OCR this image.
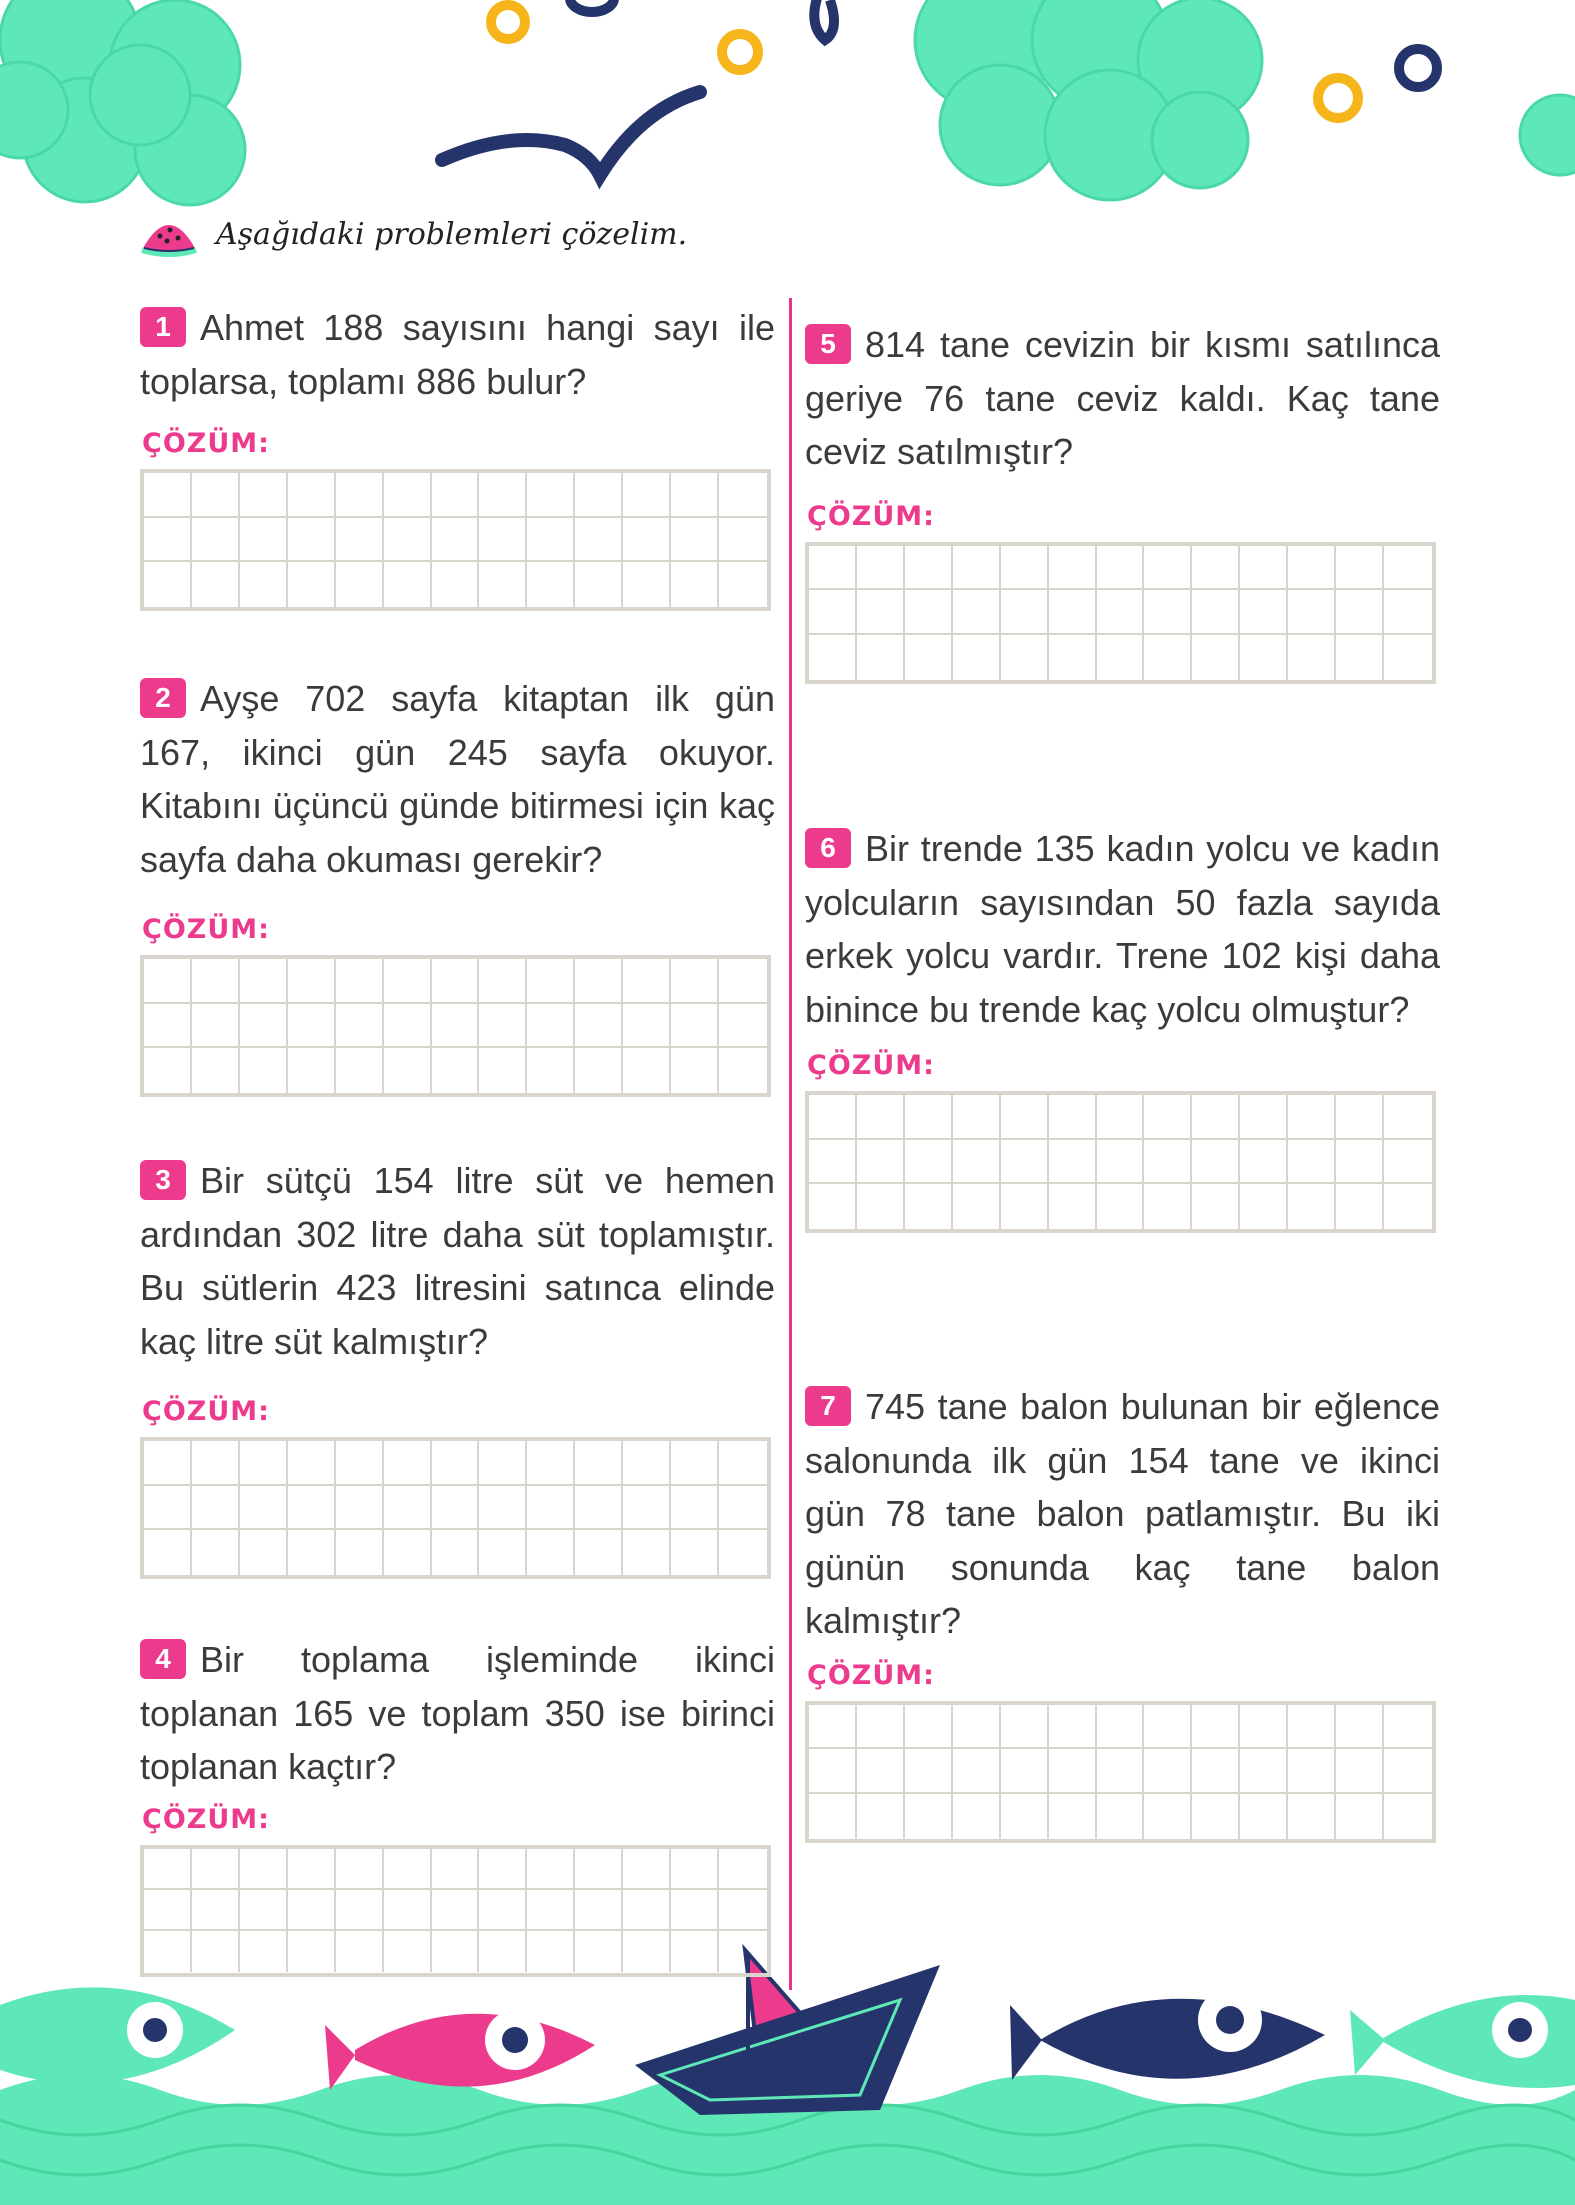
Aşağıdaki problemleri çözelim.

1 Ahmet 188 sayısını hangi sayı ile toplarsa, toplamı 886 bulur?

ÇÖZÜM:

2 Ayşe 702 sayfa kitaptan ilk gün 167, ikinci gün 245 sayfa okuyor. Kitabını üçüncü günde bitirmesi için kaç sayfa daha okuması gerekir?

ÇÖZÜM:

3 Bir sütçü 154 litre süt ve hemen ardından 302 litre daha süt toplamıştır. Bu sütlerin 423 litresini satınca elinde kaç litre süt kalmıştır?

ÇÖZÜM:

4 Bir toplama işleminde ikinci toplanan 165 ve toplam 350 ise birinci toplanan kaçtır?

ÇÖZÜM:

5 814 tane cevizin bir kısmı satılınca geriye 76 tane ceviz kaldı. Kaç tane ceviz satılmıştır?

ÇÖZÜM:

6 Bir trende 135 kadın yolcu ve kadın yolcuların sayısından 50 fazla sayıda erkek yolcu vardır. Trene 102 kişi daha binince bu trende kaç yolcu olmuştur?

ÇÖZÜM:

7 745 tane balon bulunan bir eğlence salonunda ilk gün 154 tane ve ikinci gün 78 tane balon patlamıştır. Bu iki günün sonunda kaç tane balon kalmıştır?

ÇÖZÜM:
